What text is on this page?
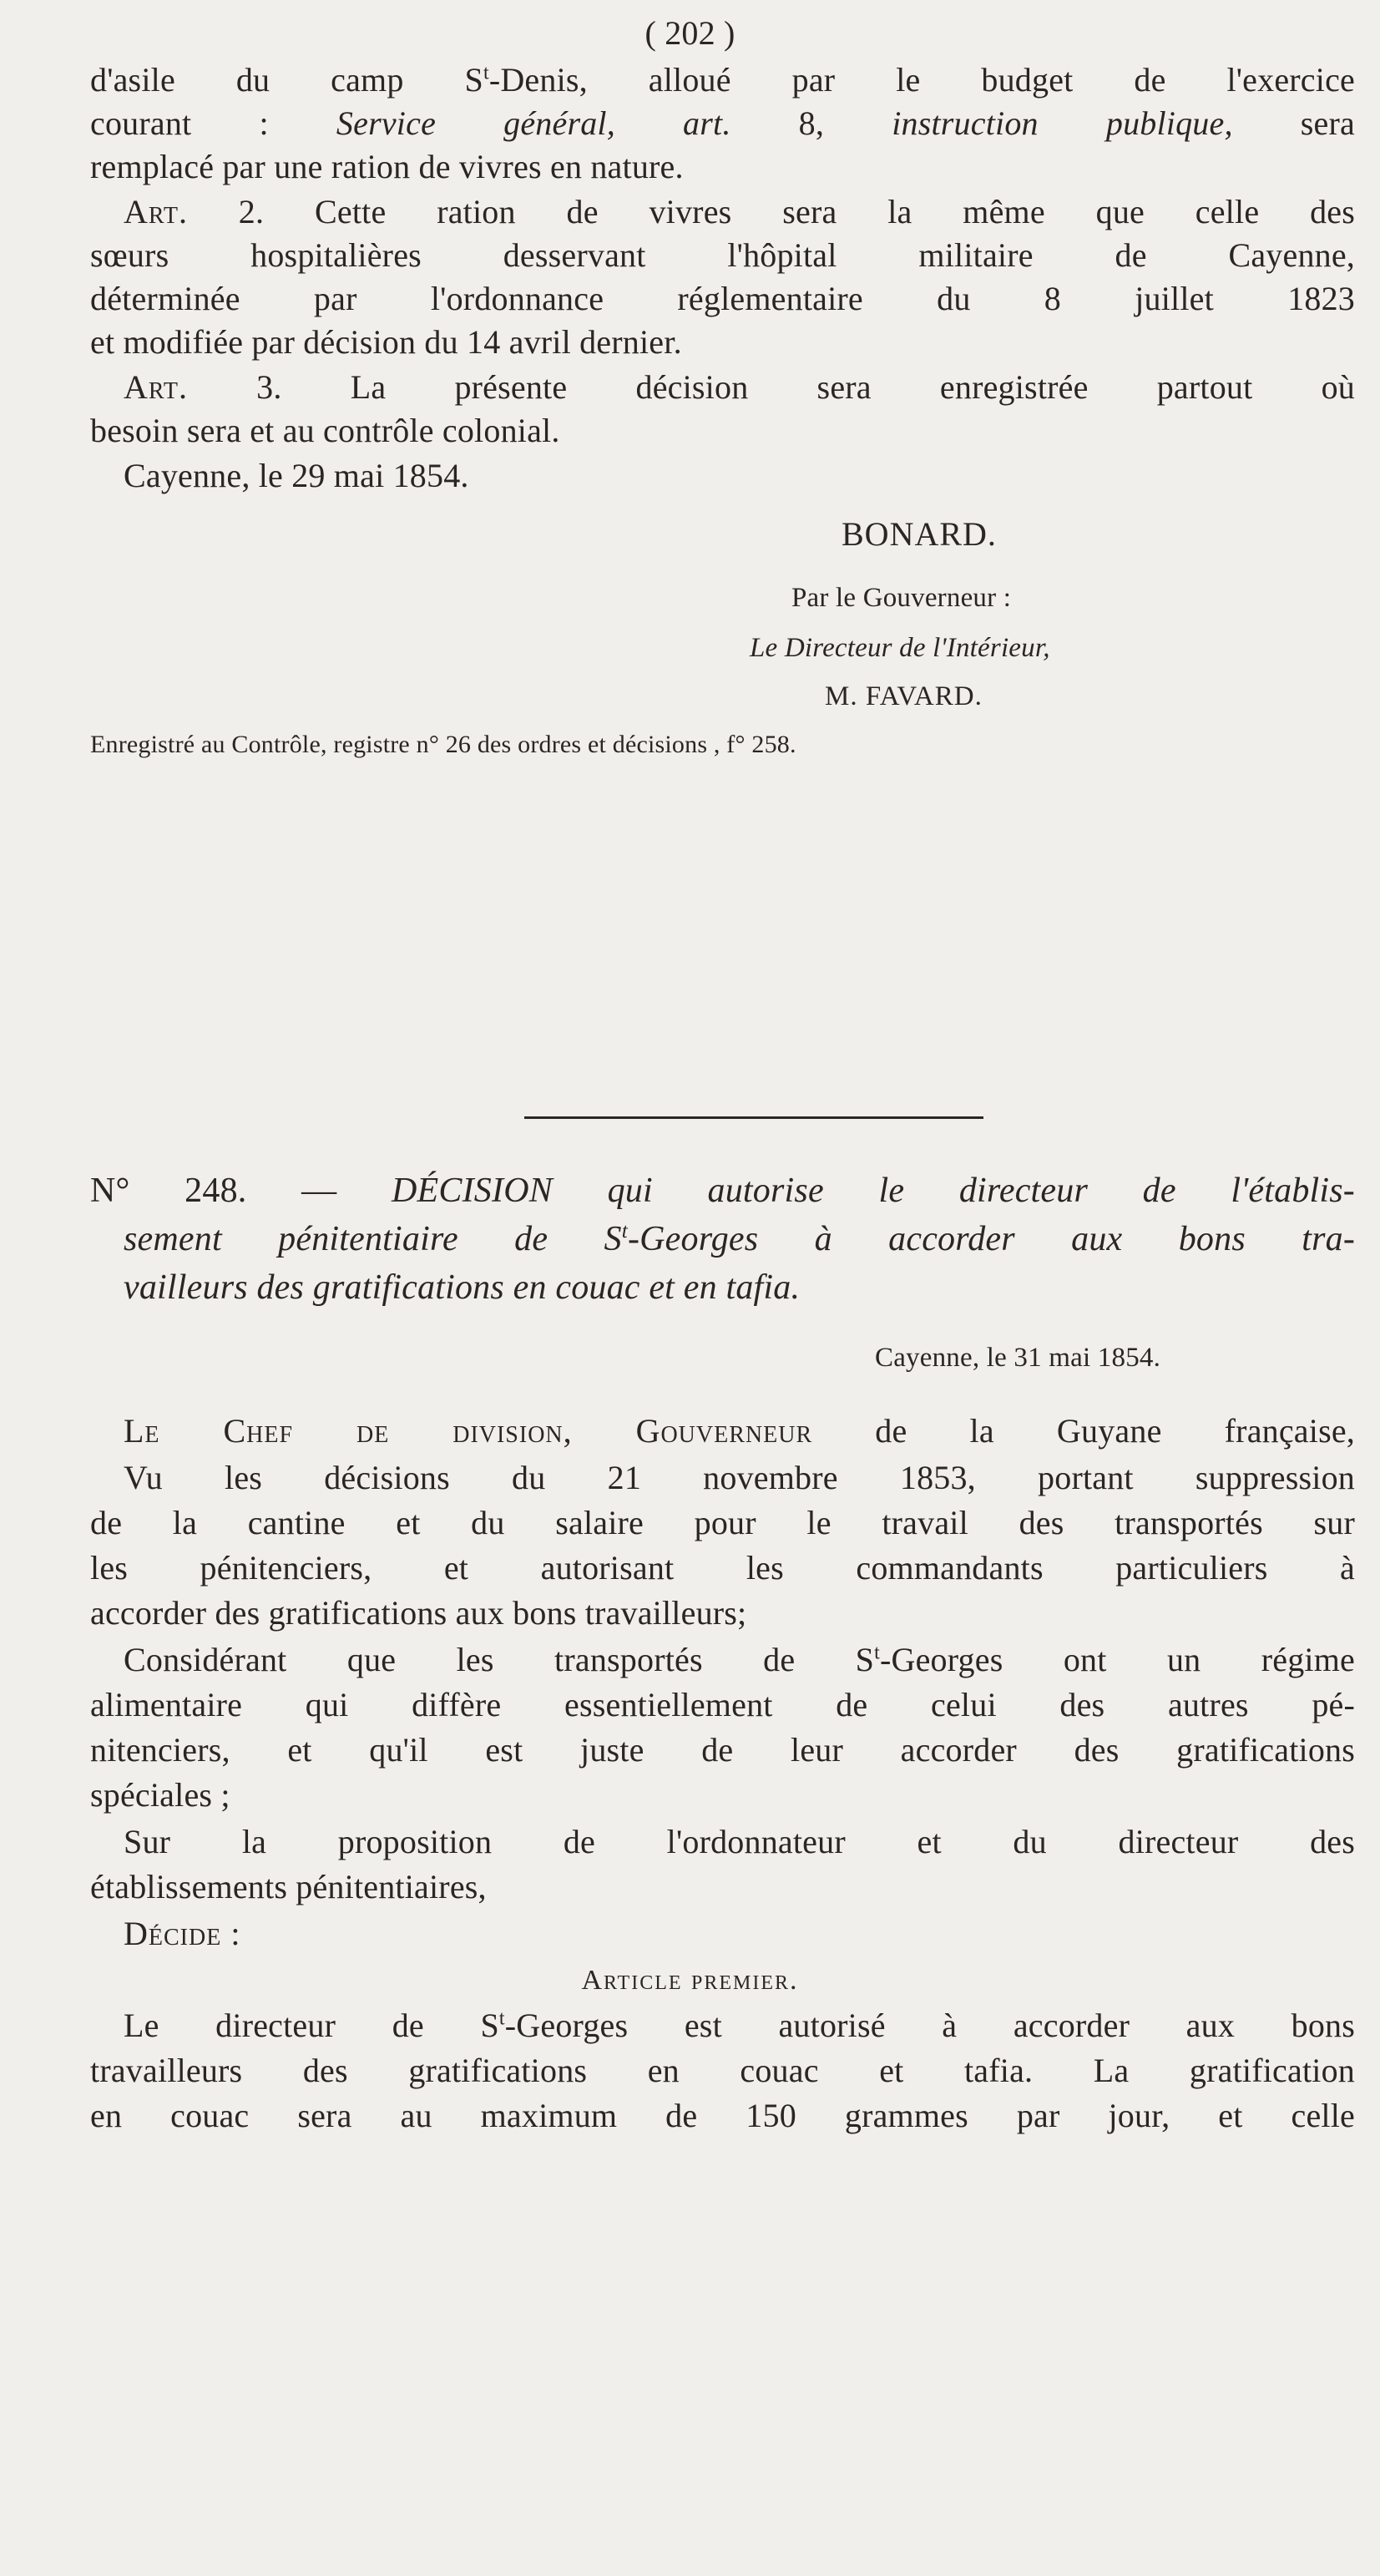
( 202 )
d'asile du camp $S^t$-Denis, alloué par le budget de l'exercice
courant : Service général, art. 8, instruction publique, sera
remplacé par une ration de vivres en nature.
Art. 2. Cette ration de vivres sera la même que celle des
sœurs hospitalières desservant l'hôpital militaire de Cayenne,
déterminée par l'ordonnance réglementaire du 8 juillet 1823
et modifiée par décision du 14 avril dernier.
Art. 3. La présente décision sera enregistrée partout où
besoin sera et au contrôle colonial.
Cayenne, le 29 mai 1854.
BONARD.
Par le Gouverneur :
Le Directeur de l'Intérieur,
M. FAVARD.
Enregistré au Contrôle, registre n° 26 des ordres et décisions , f° 258.
N° 248. — DÉCISION qui autorise le directeur de l'établis-
sement pénitentiaire de $S^t$-Georges à accorder aux bons tra-
vailleurs des gratifications en couac et en tafia.
Cayenne, le 31 mai 1854.
Le Chef de division, Gouverneur de la Guyane française,
Vu les décisions du 21 novembre 1853, portant suppression
de la cantine et du salaire pour le travail des transportés sur
les pénitenciers, et autorisant les commandants particuliers à
accorder des gratifications aux bons travailleurs;
Considérant que les transportés de $S^t$-Georges ont un régime
alimentaire qui diffère essentiellement de celui des autres pé-
nitenciers, et qu'il est juste de leur accorder des gratifications
spéciales ;
Sur la proposition de l'ordonnateur et du directeur des
établissements pénitentiaires,
Décide :
Article premier.
Le directeur de $S^t$-Georges est autorisé à accorder aux bons
travailleurs des gratifications en couac et tafia. La gratification
en couac sera au maximum de 150 grammes par jour, et celle
